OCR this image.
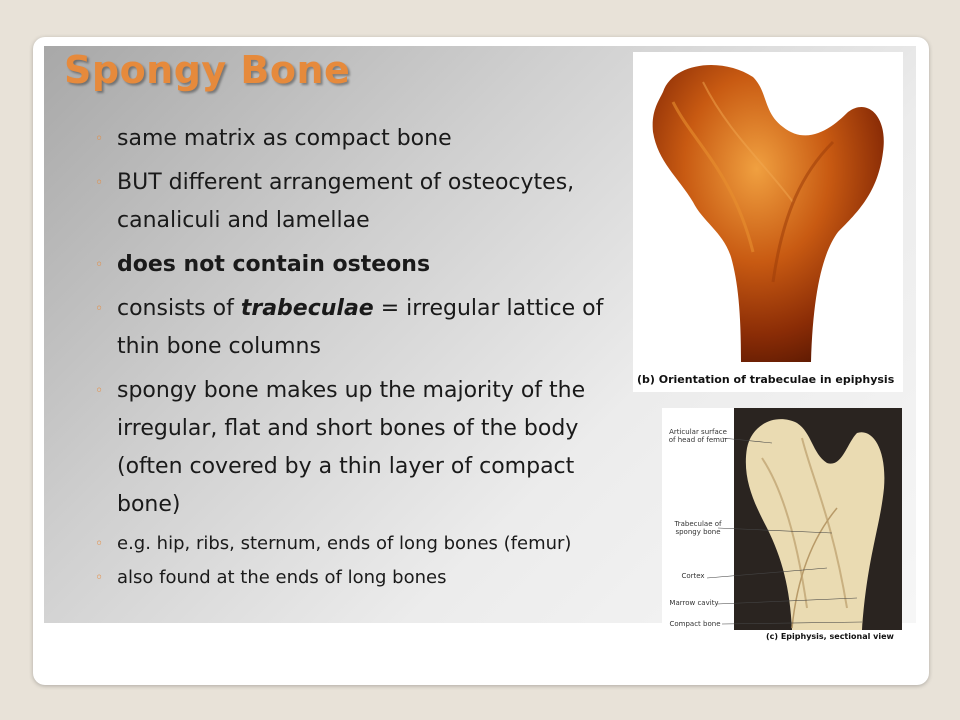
Spongy Bone
◦ same matrix as compact bone
◦ BUT different arrangement of osteocytes, canaliculi and lamellae
◦ does not contain osteons
◦ consists of trabeculae = irregular lattice of thin bone columns
◦ spongy bone makes up the majority of the irregular, flat and short bones of the body (often covered by a thin layer of compact bone)
◦ e.g. hip, ribs, sternum, ends of long bones (femur)
◦ also found at the ends of long bones
(b) Orientation of trabeculae in epiphysis
Articular surface of head of femur
Trabeculae of spongy bone
Cortex
Marrow cavity
Compact bone
(c) Epiphysis, sectional view
